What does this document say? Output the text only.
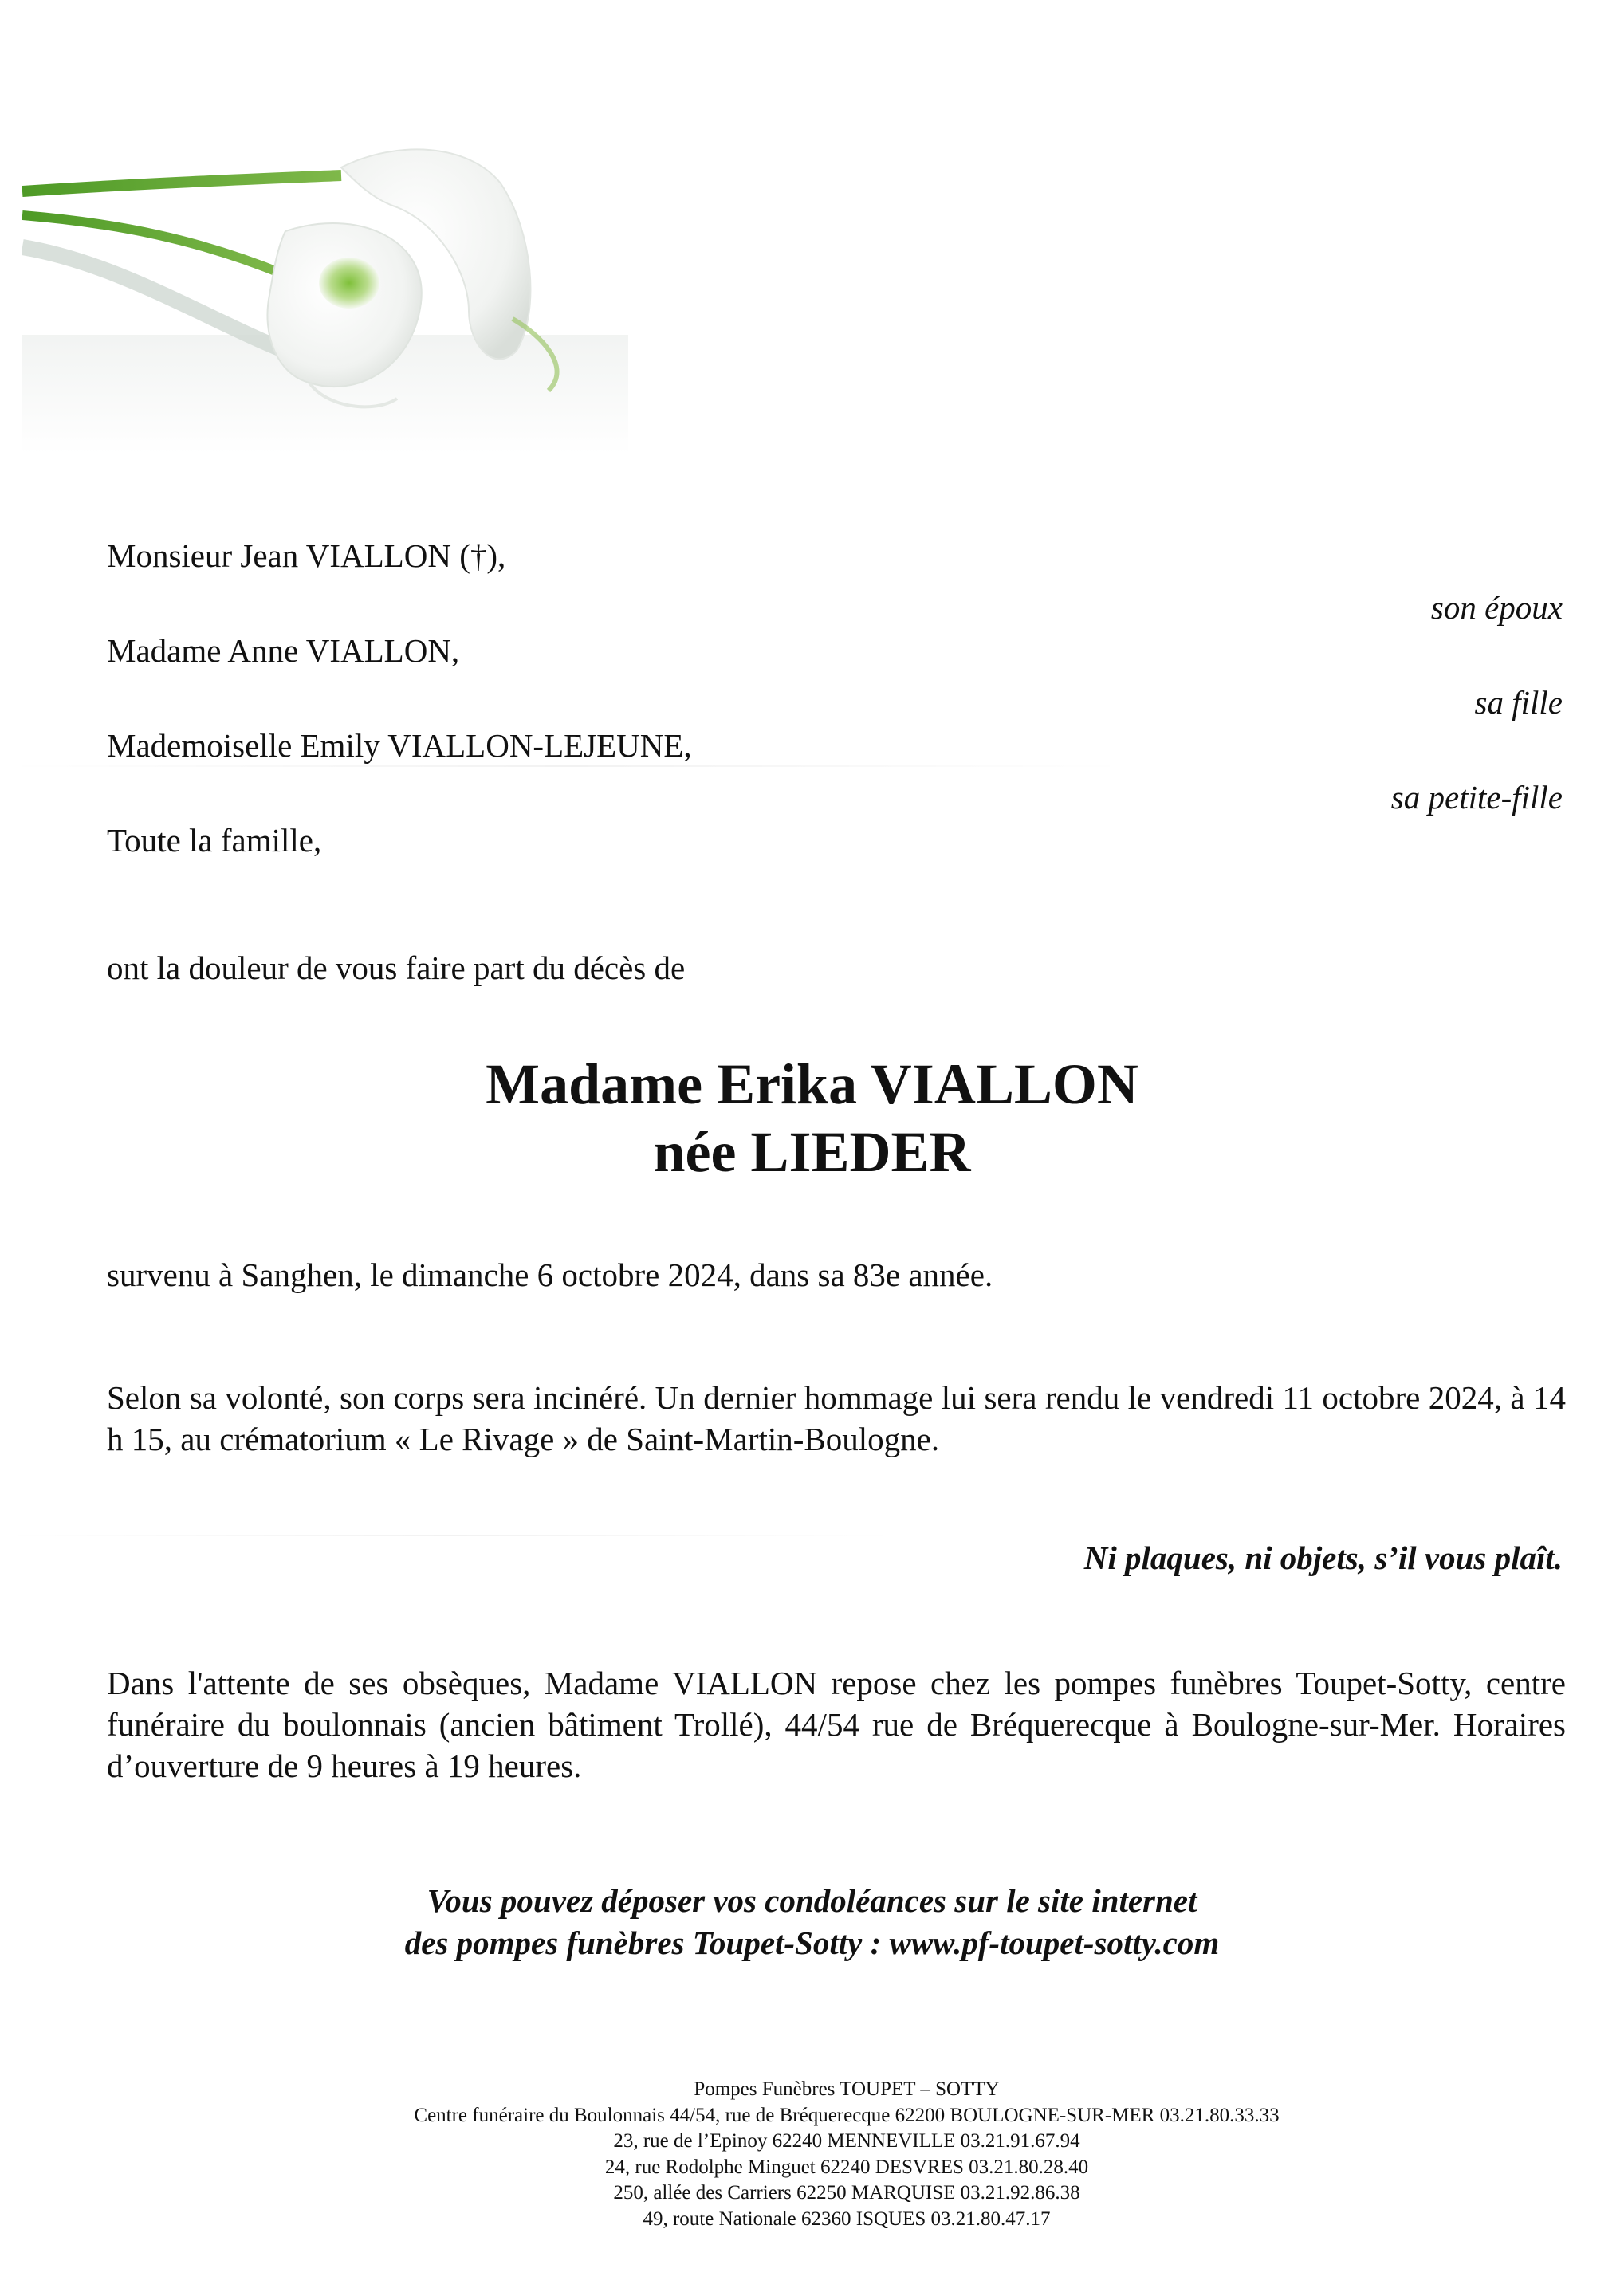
Monsieur Jean VIALLON (†),
Madame Anne VIALLON,
Mademoiselle Emily VIALLON-LEJEUNE,
Toute la famille,
son époux
sa fille
sa petite-fille
ont la douleur de vous faire part du décès de
Madame Erika VIALLON
née LIEDER
survenu à Sanghen, le dimanche 6 octobre 2024, dans sa 83e année.
Selon sa volonté, son corps sera incinéré. Un dernier hommage lui sera rendu le vendredi 11 octobre 2024, à 14 h 15, au crématorium « Le Rivage » de Saint-Martin-Boulogne.
Ni plaques, ni objets, s’il vous plaît.
Dans l'attente de ses obsèques, Madame VIALLON repose chez les pompes funèbres Toupet-Sotty, centre funéraire du boulonnais (ancien bâtiment Trollé), 44/54 rue de Bréquerecque à Boulogne-sur-Mer. Horaires d’ouverture de 9 heures à 19 heures.
Vous pouvez déposer vos condoléances sur le site internet
des pompes funèbres Toupet-Sotty : www.pf-toupet-sotty.com
Pompes Funèbres TOUPET – SOTTY
Centre funéraire du Boulonnais 44/54, rue de Bréquerecque 62200 BOULOGNE-SUR-MER 03.21.80.33.33
23, rue de l’Epinoy 62240 MENNEVILLE 03.21.91.67.94
24, rue Rodolphe Minguet 62240 DESVRES 03.21.80.28.40
250, allée des Carriers 62250 MARQUISE 03.21.92.86.38
49, route Nationale 62360 ISQUES 03.21.80.47.17
